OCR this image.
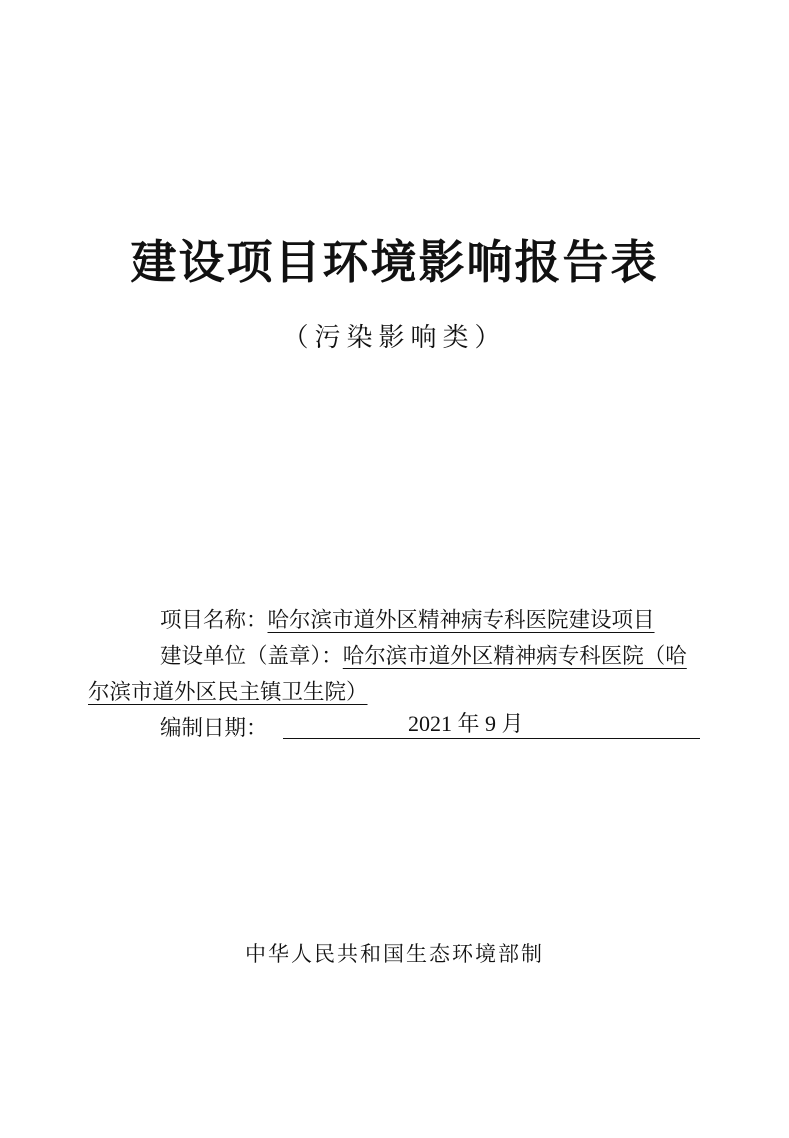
建设项目环境影响报告表
（污染影响类）

项目名称：哈尔滨市道外区精神病专科医院建设项目

建设单位（盖章）：哈尔滨市道外区精神病专科医院（哈尔滨市道外区民主镇卫生院）

编制日期：	2021 年 9 月
中华人民共和国生态环境部制
